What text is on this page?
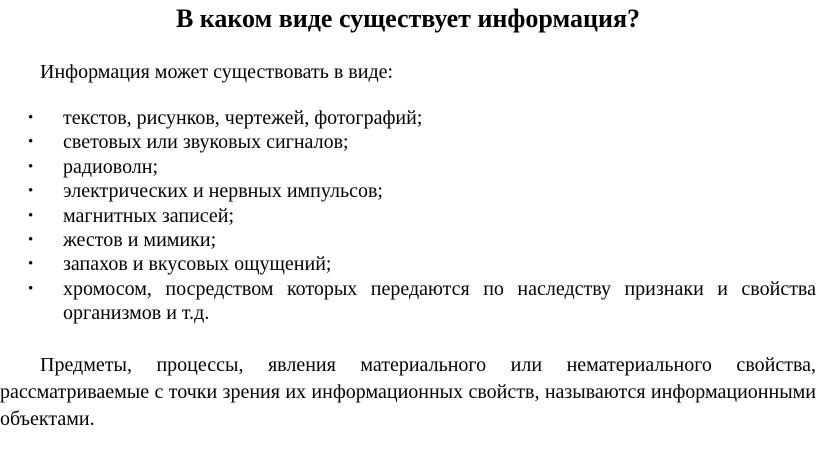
В каком виде существует информация?
Информация может существовать в виде:
• текстов, рисунков, чертежей, фотографий;
• световых или звуковых сигналов;
• радиоволн;
• электрических и нервных импульсов;
• магнитных записей;
• жестов и мимики;
• запахов и вкусовых ощущений;
• хромосом, посредством которых передаются по наследству признаки и свойства организмов и т.д.

Предметы, процессы, явления материального или нематериального свойства, рассматриваемые с точки зрения их информационных свойств, называются информационными объектами.
